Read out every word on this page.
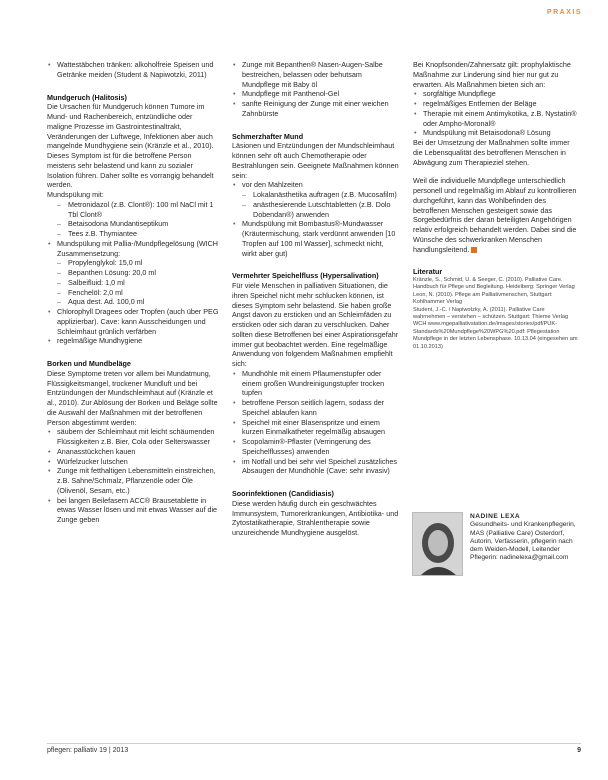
PRAXIS
• Wattestäbchen tränken: alkoholfreie Speisen und Getränke meiden (Student & Napiwotzki, 2011)
Mundgeruch (Halitosis)

Die Ursachen für Mundgeruch können Tumore im Mund- und Rachenbereich, entzündliche oder maligne Prozesse im Gastrointestinaltrakt, Veränderungen der Luftwege, Infektionen aber auch mangelnde Mundhygiene sein (Kränzle et al., 2010). Dieses Symptom ist für die betroffene Person meistens sehr belastend und kann zu sozialer Isolation führen. Daher sollte es vorrangig behandelt werden.

Mundspülung mit:

– Metronidazol (z.B. Clont®): 100 ml NaCl mit 1 Tbl Clont®
– Betaisodona Mundantiseptikum
– Tees z.B. Thymiantee
• Mundspülung mit Pallia-/Mundpflegelösung (WICH Zusammensetzung:
– Propylenglykol: 15,0 ml
– Bepanthen Lösung: 20,0 ml
– Salbeifluid: 1,0 ml
– Fenchelöl: 2,0 ml
– Aqua dest. Ad. 100,0 ml
• Chlorophyll Dragees oder Tropfen (auch über PEG applizierbar). Cave: kann Ausscheidungen und Schleimhaut grünlich verfärben
• regelmäßige Mundhygiene
Borken und Mundbeläge

Diese Symptome treten vor allem bei Mundatmung, Flüssigkeitsmangel, trockener Mundluft und bei Entzündungen der Mundschleimhaut auf (Kränzle et al., 2010). Zur Ablösung der Borken und Beläge sollte die Auswahl der Maßnahmen mit der betroffenen Person abgestimmt werden:

• säubern der Schleimhaut mit leicht schäumenden Flüssigkeiten z.B. Bier, Cola oder Selterswasser
• Ananasstückchen kauen
• Würfelzucker lutschen
• Zunge mit fetthaltigen Lebensmitteln einstreichen, z.B. Sahne/Schmalz, Pflanzenöle oder Öle (Olivenöl, Sesam, etc.)
• bei langen Beilefasern ACC® Brausetablette in etwas Wasser lösen und mit etwas Wasser auf die Zunge geben
• Zunge mit Bepanthen® Nasen-Augen-Salbe bestreichen, belassen oder behutsam Mundpflege mit Baby öl
• Mundpflege mit Panthenol-Gel
• sanfte Reinigung der Zunge mit einer weichen Zahnbürste
Schmerzhafter Mund

Läsionen und Entzündungen der Mundschleimhaut können sehr oft auch Chemotherapie oder Bestrahlungen sein. Geeignete Maßnahmen können sein:

• vor den Mahlzeiten
– Lokalanästhetika auftragen (z.B. Mucosafilm)
– anästhesierende Lutschtabletten (z.B. Dolo Dobendan®) anwenden
• Mundspülung mit Bombastus®-Mundwasser (Kräutermischung, stark verdünnt anwenden [10 Tropfen auf 100 ml Wasser], schmeckt nicht, wirkt aber gut)
Vermehrter Speichelfluss (Hypersalivation)

Für viele Menschen in palliativen Situationen, die ihren Speichel nicht mehr schlucken können, ist dieses Symptom sehr belastend. Sie haben große Angst davon zu ersticken und an Schleimfäden zu ersticken oder sich daran zu verschlucken. Daher sollten diese Betroffenen bei einer Aspirationsgefahr immer gut beobachtet werden. Eine regelmäßige Anwendung von folgendem Maßnahmen empfiehlt sich:

• Mundhöhle mit einem Pflaumenstupfer oder einem großen Wundreinigungstupfer trocken tupfen
• betroffene Person seitlich lagern, sodass der Speichel ablaufen kann
• Speichel mit einer Blasenspritze und einem kurzen Einmalkatheter regelmäßig absaugen
• Scopolamin®-Pflaster (Verringerung des Speichelflusses) anwenden
• im Notfall und bei sehr viel Speichel zusätzliches Absaugen der Mundhöhle (Cave: sehr invasiv)
Soorinfektionen (Candidiasis)

Diese werden häufig durch ein geschwächtes Immunsystem, Tumorerkrankungen, Antibiotika- und Zytostatikatherapie, Strahlentherapie sowie unzureichende Mundhygiene ausgelöst.

Bei Knopfsonden/Zahnersatz gilt: prophylaktische Maßnahme zur Linderung sind hier nur gut zu erwarten. Als Maßnahmen bieten sich an:

• sorgfältige Mundpflege
• regelmäßiges Entfernen der Beläge
• Therapie mit einem Antimykotika, z.B. Nystatin® oder Ampho-Moronal®
• Mundspülung mit Betaisodona® Lösung

Bei der Umsetzung der Maßnahmen sollte immer die Lebensqualität des betroffenen Menschen in Abwägung zum Therapieziel stehen.

Weil die individuelle Mundpflege unterschiedlich personell und regelmäßig im Ablauf zu kontrollieren durchgeführt, kann das Wohlbefinden des betroffenen Menschen gesteigert sowie das Sorgebedürfnis der daran beteiligten Angehörigen relativ erfolgreich behandelt werden. Dabei sind die Wünsche des schwerkranken Menschen handlungsleitend.

Literatur
Kränzle, S., Schmid, U. & Seeger, C. (2010). Palliative Care. Handbuch für Pflege und Begleitung. Heidelberg: Springer Verlag
Leon, N. (2010). Pflege am Palliativmenschen, Stuttgart: Kohlhammer Verlag
Student, J.-C. / Napiwotzky, A. (2011). Palliative Care wahrnehmen – verstehen – schützen. Stuttgart: Thieme Verlag
WCH www.mgepalliativstation.de/images/stories/pdf/PUK-Standards%20Mundpflege%20WPG%20.pdf: Pflegestation Mundpflege in der letzten Lebensphase. 10.13.04 (eingesehen am 01.10.2013)
NADINE LEXA
Gesundheits- und Krankenpflegerin, MAS (Palliative Care) Osterdorf, Autorin, Verfasserin, pflegerin nach dem Weiden-Modell, Leitender Pflegerin: nadinelexa@gmail.com
pflegen: palliativ 19 | 2013	9
